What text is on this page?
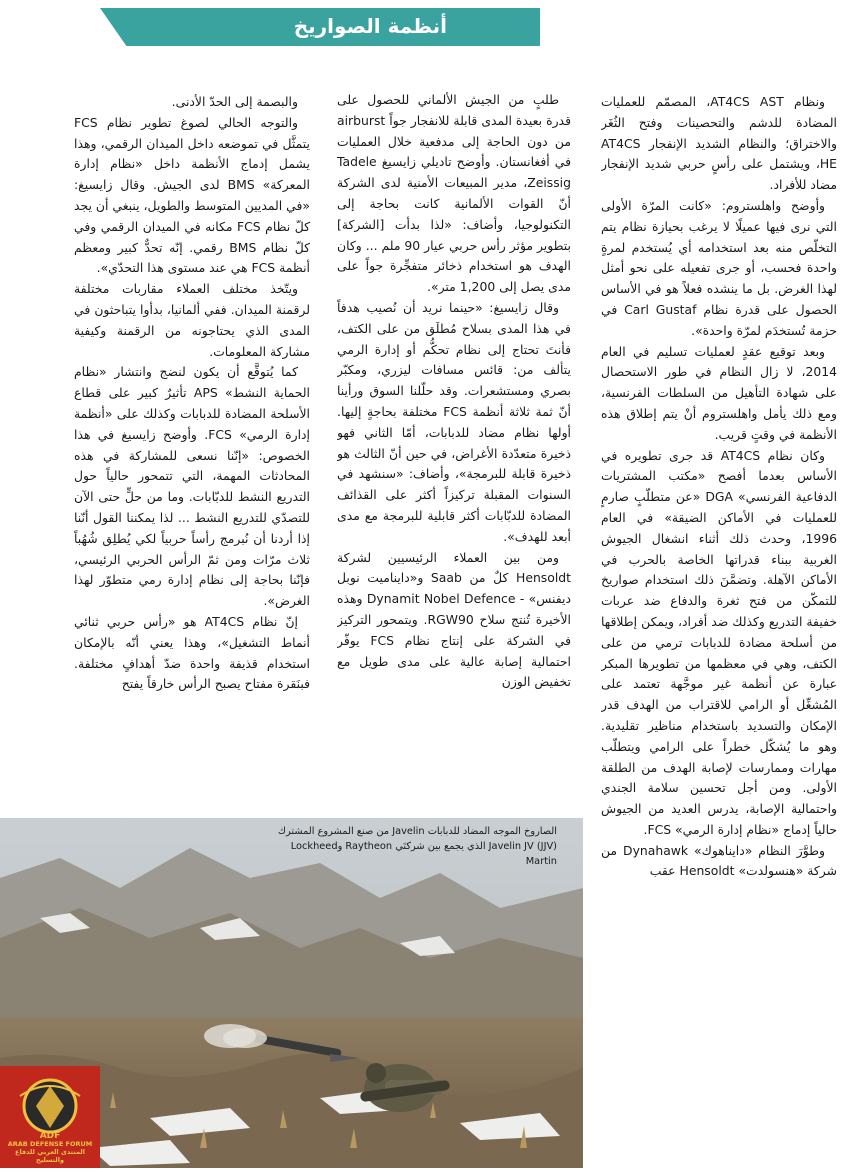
أنظمة الصواريخ

ونظام AT4CS AST، المصمّم للعمليات المضادة للدشم والتحصينات وفتح الثُغَر والاختراق؛ والنظام الشديد الإنفجار AT4CS HE، ويشتمل على رأسٍ حربي شديد الإنفجار مضاد للأفراد.

وأوضح واهلستروم: «كانت المرّة الأولى التي نرى فيها عميلًا لا يرغب بحيازة نظام يتم التخلّص منه بعد استخدامه أي يُستخدم لمرةٍ واحدة فحسب، أو جرى تفعيله على نحو أمثل لهذا الغرض. بل ما ينشده فعلاً هو في الأساس الحصول على قدرة نظام Carl Gustaf في حزمة تُستخدَم لمرّة واحدة».

وبعد توقيع عقدٍ لعمليات تسليم في العام 2014، لا زال النظام في طور الاستحصال على شهادة التأهيل من السلطات الفرنسية، ومع ذلك يأمل واهلستروم أنْ يتم إطلاق هذه الأنظمة في وقتٍ قريب.

وكان نظام AT4CS قد جرى تطويره في الأساس بعدما أفصح «مكتب المشتريات الدفاعية الفرنسي» DGA «عن متطلّبٍ صارمٍ للعمليات في الأماكن الضيقة» في العام 1996، وحدث ذلك أثناء انشغال الجيوش الغربية ببناء قدراتها الخاصة بالحرب في الأماكن الآهلة. وتضمَّنَ ذلك استخدام صواريخ للتمكّن من فتح ثغرة والدفاع ضد عربات خفيفة التدريع وكذلك ضد أفراد، ويمكن إطلاقها من أسلحة مضادة للدبابات ترمي من على الكتف، وهي في معظمها من تطويرها المبكر عبارة عن أنظمة غير موجَّهة تعتمد على المُشغِّل أو الرامي للاقتراب من الهدف قدر الإمكان والتسديد باستخدام مناظير تقليدية. وهو ما يُشكّل خطراً على الرامي ويتطلّب مهارات وممارسات لإصابة الهدف من الطلقة الأولى. ومن أجل تحسين سلامة الجندي واحتمالية الإصابة، يدرس العديد من الجيوش حالياً إدماج «نظام إدارة الرمي» FCS.

وطوَّرَ النظام «دايناهوك» Dynahawk من شركة «هنسولدت» Hensoldt عقب

طلبٍ من الجيش الألماني للحصول على قدرة بعيدة المدى قابلة للانفجار جواً airburst من دون الحاجة إلى مدفعية خلال العمليات في أفغانستان. وأوضح تاديلي زايسيغ Tadele Zeissig، مدير المبيعات الأمنية لدى الشركة أنّ القوات الألمانية كانت بحاجة إلى التكنولوجيا، وأضاف: «لذا بدأت [الشركة] بتطوير مؤثر رأس حربي عيار 90 ملم ... وكان الهدف هو استخدام ذخائر متفجِّرة جواً على مدى يصل إلى 1,200 متر».

وقال زايسيغ: «حينما نريد أن نُصيب هدفاً في هذا المدى بسلاح مُطلَق من على الكتف، فأنتَ تحتاج إلى نظام تحكُّم أو إدارة الرمي يتألف من: قائس مسافات ليزري، ومكبّر بصري ومستشعرات. وقد حلّلنا السوق ورأينا أنّ ثمة ثلاثة أنظمة FCS مختلفة بحاجةٍ إليها. أولها نظام مضاد للدبابات، أمّا الثاني فهو ذخيرة متعدّدة الأغراض، في حين أنّ الثالث هو ذخيرة قابلة للبرمجة»، وأضاف: «سنشهد في السنوات المقبلة تركيزاً أكثر على القذائف المضادة للدبّابات أكثر قابلية للبرمجة مع مدى أبعد للهدف».

ومن بين العملاء الرئيسيين لشركة Hensoldt كلٌ من Saab و«دايناميت نوبل ديفنس» - Dynamit Nobel Defence وهذه الأخيرة تُنتج سلاح RGW90. ويتمحور التركيز في الشركة على إنتاج نظام FCS يوفّر احتمالية إصابة عالية على مدى طويل مع تخفيض الوزن

والبصمة إلى الحدّ الأدنى.

والتوجه الحالي لصوغ تطوير نظام FCS يتمثَّل في تموضعه داخل الميدان الرقمي، وهذا يشمل إدماج الأنظمة داخل «نظام إدارة المعركة» BMS لدى الجيش. وقال زايسيغ: «في المديين المتوسط والطويل، ينبغي أن يجد كلّ نظام FCS مكانه في الميدان الرقمي وفي كلّ نظام BMS رقمي. إنّه تحدٌّ كبير ومعظم أنظمة FCS هي عند مستوى هذا التحدّي».

ويتّخذ مختلف العملاء مقاربات مختلفة لرقمنة الميدان. ففي ألمانيا، بدأوا يتباحثون في المدى الذي يحتاجونه من الرقمنة وكيفية مشاركة المعلومات.

كما يُتوقَّع أن يكون لنضج وانتشار «نظام الحماية النشط» APS تأثيرٌ كبير على قطاع الأسلحة المضادة للدبابات وكذلك على «أنظمة إدارة الرمي» FCS. وأوضح زايسيغ في هذا الخصوص: «إنّنا نسعى للمشاركة في هذه المحادثات المهمة، التي تتمحور حالياً حول التدريع النشط للدبّابات. وما من حلٍّ حتى الآن للتصدّي للتدريع النشط ... لذا يمكننا القول أنّنا إذا أردنا أن نُبرمج رأساً حربياً لكي يُطلِق شُهُباً ثلاث مرّات ومن ثمّ الرأس الحربي الرئيسي، فإنّنا بحاجة إلى نظام إدارة رمي متطوّر لهذا الغرض».

إنّ نظام AT4CS هو «رأس حربي ثنائي أنماط التشغيل»، وهذا يعني أنّه بالإمكان استخدام قذيفة واحدة ضدّ أهدافٍ مختلفة. فبنَقرة مفتاح يصبح الرأس خارقاً يفتح

الصاروخ الموجه المضاد للدبابات Javelin من صنع المشروع المشترك
Javelin JV (JJV) الذي يجمع بين شركتَي Raytheon وLockheed Martin
ADF
ARAB DEFENSE FORUM
المنتدى العربي للدفاع والتسليح
